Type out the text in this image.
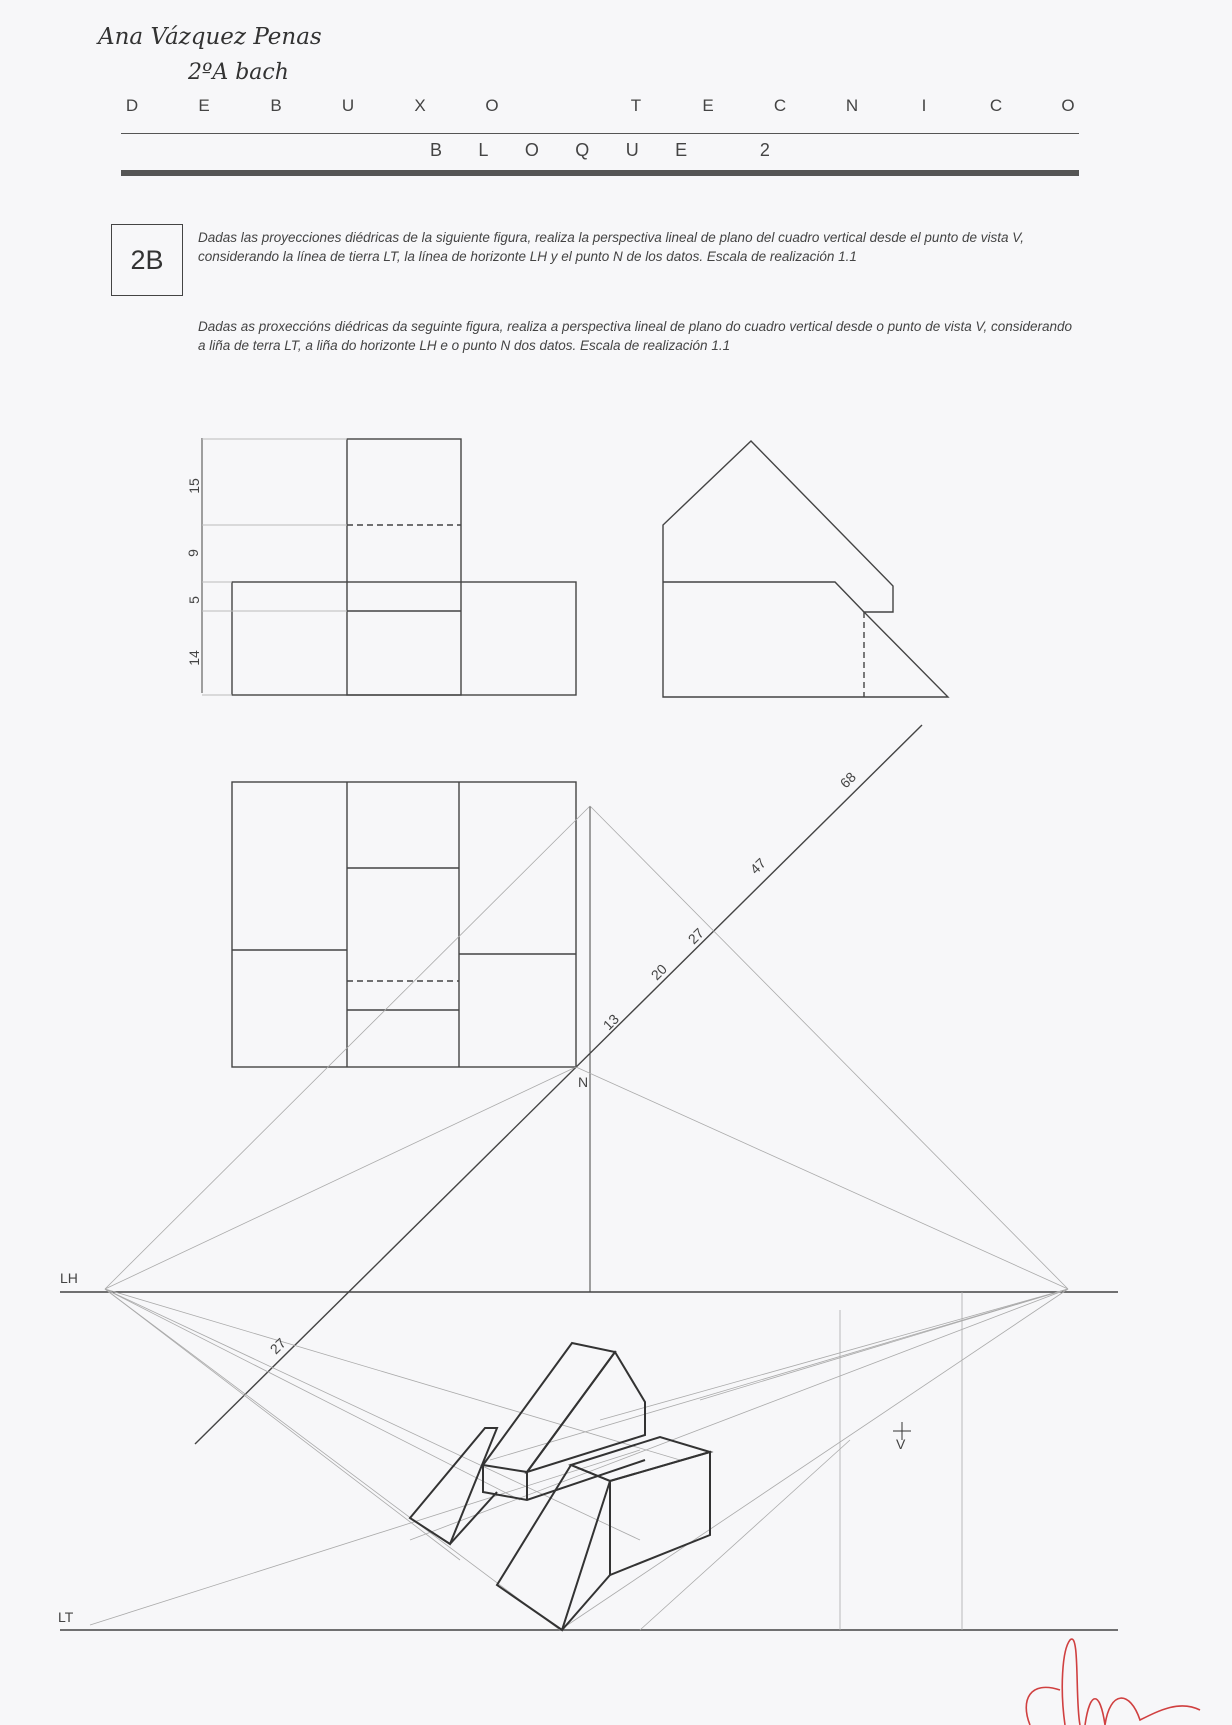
Ana Vázquez Penas
2ºA bach
D	E	B	U	X	O	T	E	C	N	I	C	O
B L O Q U E	2
2B
Dadas las proyecciones diédricas de la siguiente figura, realiza la perspectiva lineal de plano del cuadro vertical desde el punto de vista V, considerando la línea de tierra LT, la línea de horizonte LH y el punto N de los datos. Escala de realización 1.1
Dadas as proxeccións diédricas da seguinte figura, realiza a perspectiva lineal de plano do cuadro vertical desde o punto de vista V, considerando a liña de terra LT, a liña do horizonte LH e o punto N dos datos. Escala de realización 1.1
15
9
5
14
13
20
27
47
68
27
N
V
LH
LT
